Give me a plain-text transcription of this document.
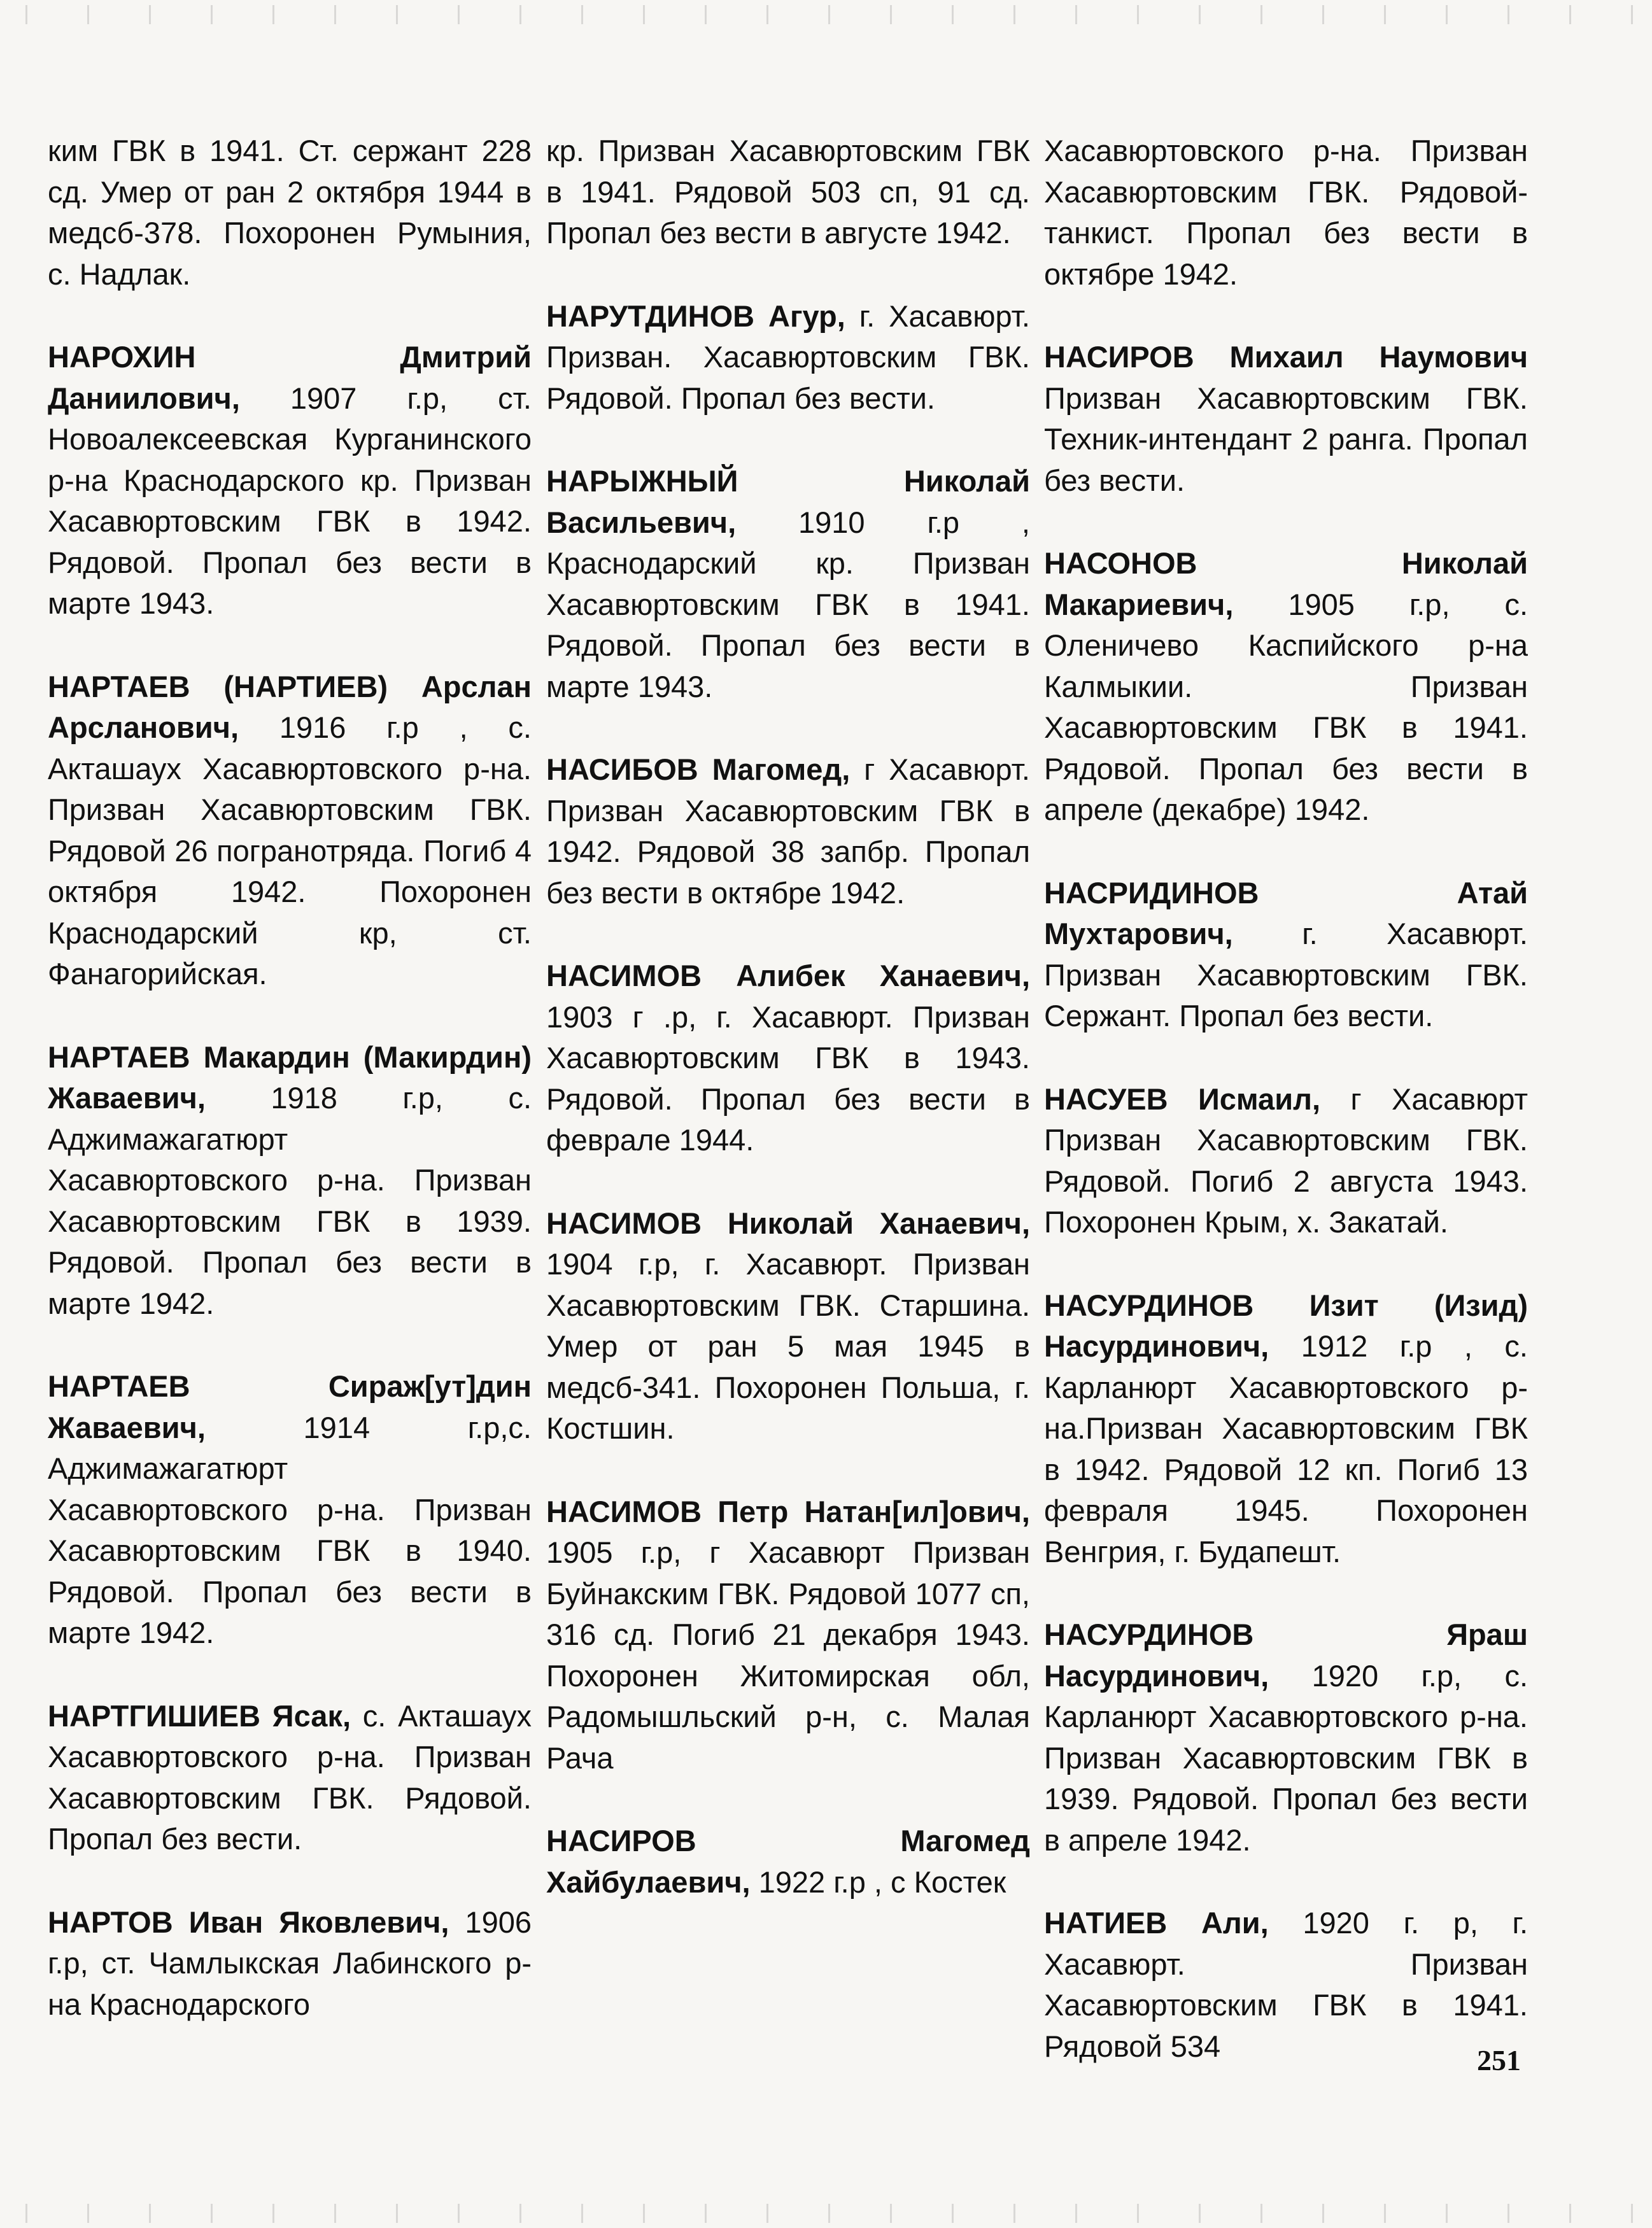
ким ГВК в 1941. Ст. сержант 228 сд. Умер от ран 2 октября 1944 в медсб-378. Похоронен Румыния, с. Надлак.

НАРОХИН Дмитрий Даниилович, 1907 г.р, ст. Новоалексеевская Курганинского р-на Краснодарского кр. Призван Хасавюртовским ГВК в 1942. Рядовой. Пропал без вести в марте 1943.

НАРТАЕВ (НАРТИЕВ) Арслан Арсланович, 1916 г.р , с. Акташаух Хасавюртовского р-на. Призван Хасавюртовским ГВК. Рядовой 26 погранотряда. Погиб 4 октября 1942. Похоронен Краснодарский кр, ст. Фанагорийская.

НАРТАЕВ Макардин (Макирдин) Жаваевич, 1918 г.р, с. Аджимажагатюрт Хасавюртовского р-на. Призван Хасавюртовским ГВК в 1939. Рядовой. Пропал без вести в марте 1942.

НАРТАЕВ Сираж[ут]дин Жаваевич, 1914 г.р,с. Аджимажагатюрт Хасавюртовского р-на. Призван Хасавюртовским ГВК в 1940. Рядовой. Пропал без вести в марте 1942.

НАРТГИШИЕВ Ясак, с. Акташаух Хасавюртовского р-на. Призван Хасавюртовским ГВК. Рядовой. Пропал без вести.

НАРТОВ Иван Яковлевич, 1906 г.р, ст. Чамлыкская Лабинского р-на Краснодарского

кр. Призван Хасавюртовским ГВК в 1941. Рядовой 503 сп, 91 сд. Пропал без вести в августе 1942.

НАРУТДИНОВ Агур, г. Хасавюрт. Призван. Хасавюртовским ГВК. Рядовой. Пропал без вести.

НАРЫЖНЫЙ Николай Васильевич, 1910 г.р , Краснодарский кр. Призван Хасавюртовским ГВК в 1941. Рядовой. Пропал без вести в марте 1943.

НАСИБОВ Магомед, г Хасавюрт. Призван Хасавюртовским ГВК в 1942. Рядовой 38 запбр. Пропал без вести в октябре 1942.

НАСИМОВ Алибек Ханаевич, 1903 г .р, г. Хасавюрт. Призван Хасавюртовским ГВК в 1943. Рядовой. Пропал без вести в феврале 1944.

НАСИМОВ Николай Ханаевич, 1904 г.р, г. Хасавюрт. Призван Хасавюртовским ГВК. Старшина. Умер от ран 5 мая 1945 в медсб-341. Похоронен Польша, г. Костшин.

НАСИМОВ Петр Натан[ил]ович, 1905 г.р, г Хасавюрт Призван Буйнакским ГВК. Рядовой 1077 сп, 316 сд. Погиб 21 декабря 1943. Похоронен Житомирская обл, Радомышльский р-н, с. Малая Рача

НАСИРОВ Магомед Хайбулаевич, 1922 г.р , с Костек

Хасавюртовского р-на. Призван Хасавюртовским ГВК. Рядовой-танкист. Пропал без вести в октябре 1942.

НАСИРОВ Михаил Наумович Призван Хасавюртовским ГВК. Техник-интендант 2 ранга. Пропал без вести.

НАСОНОВ Николай Макариевич, 1905 г.р, с. Оленичево Каспийского р-на Калмыкии. Призван Хасавюртовским ГВК в 1941. Рядовой. Пропал без вести в апреле (декабре) 1942.

НАСРИДИНОВ Атай Мухтарович, г. Хасавюрт. Призван Хасавюртовским ГВК. Сержант. Пропал без вести.

НАСУЕВ Исмаил, г Хасавюрт Призван Хасавюртовским ГВК. Рядовой. Погиб 2 августа 1943. Похоронен Крым, х. Закатай.

НАСУРДИНОВ Изит (Изид) Насурдинович, 1912 г.р , с. Карланюрт Хасавюртовского р-на.Призван Хасавюртовским ГВК в 1942. Рядовой 12 кп. Погиб 13 февраля 1945. Похоронен Венгрия, г. Будапешт.

НАСУРДИНОВ Яраш Насурдинович, 1920 г.р, с. Карланюрт Хасавюртовского р-на. Призван Хасавюртовским ГВК в 1939. Рядовой. Пропал без вести в апреле 1942.

НАТИЕВ Али, 1920 г. р, г. Хасавюрт. Призван Хасавюртовским ГВК в 1941. Рядовой 534	251
